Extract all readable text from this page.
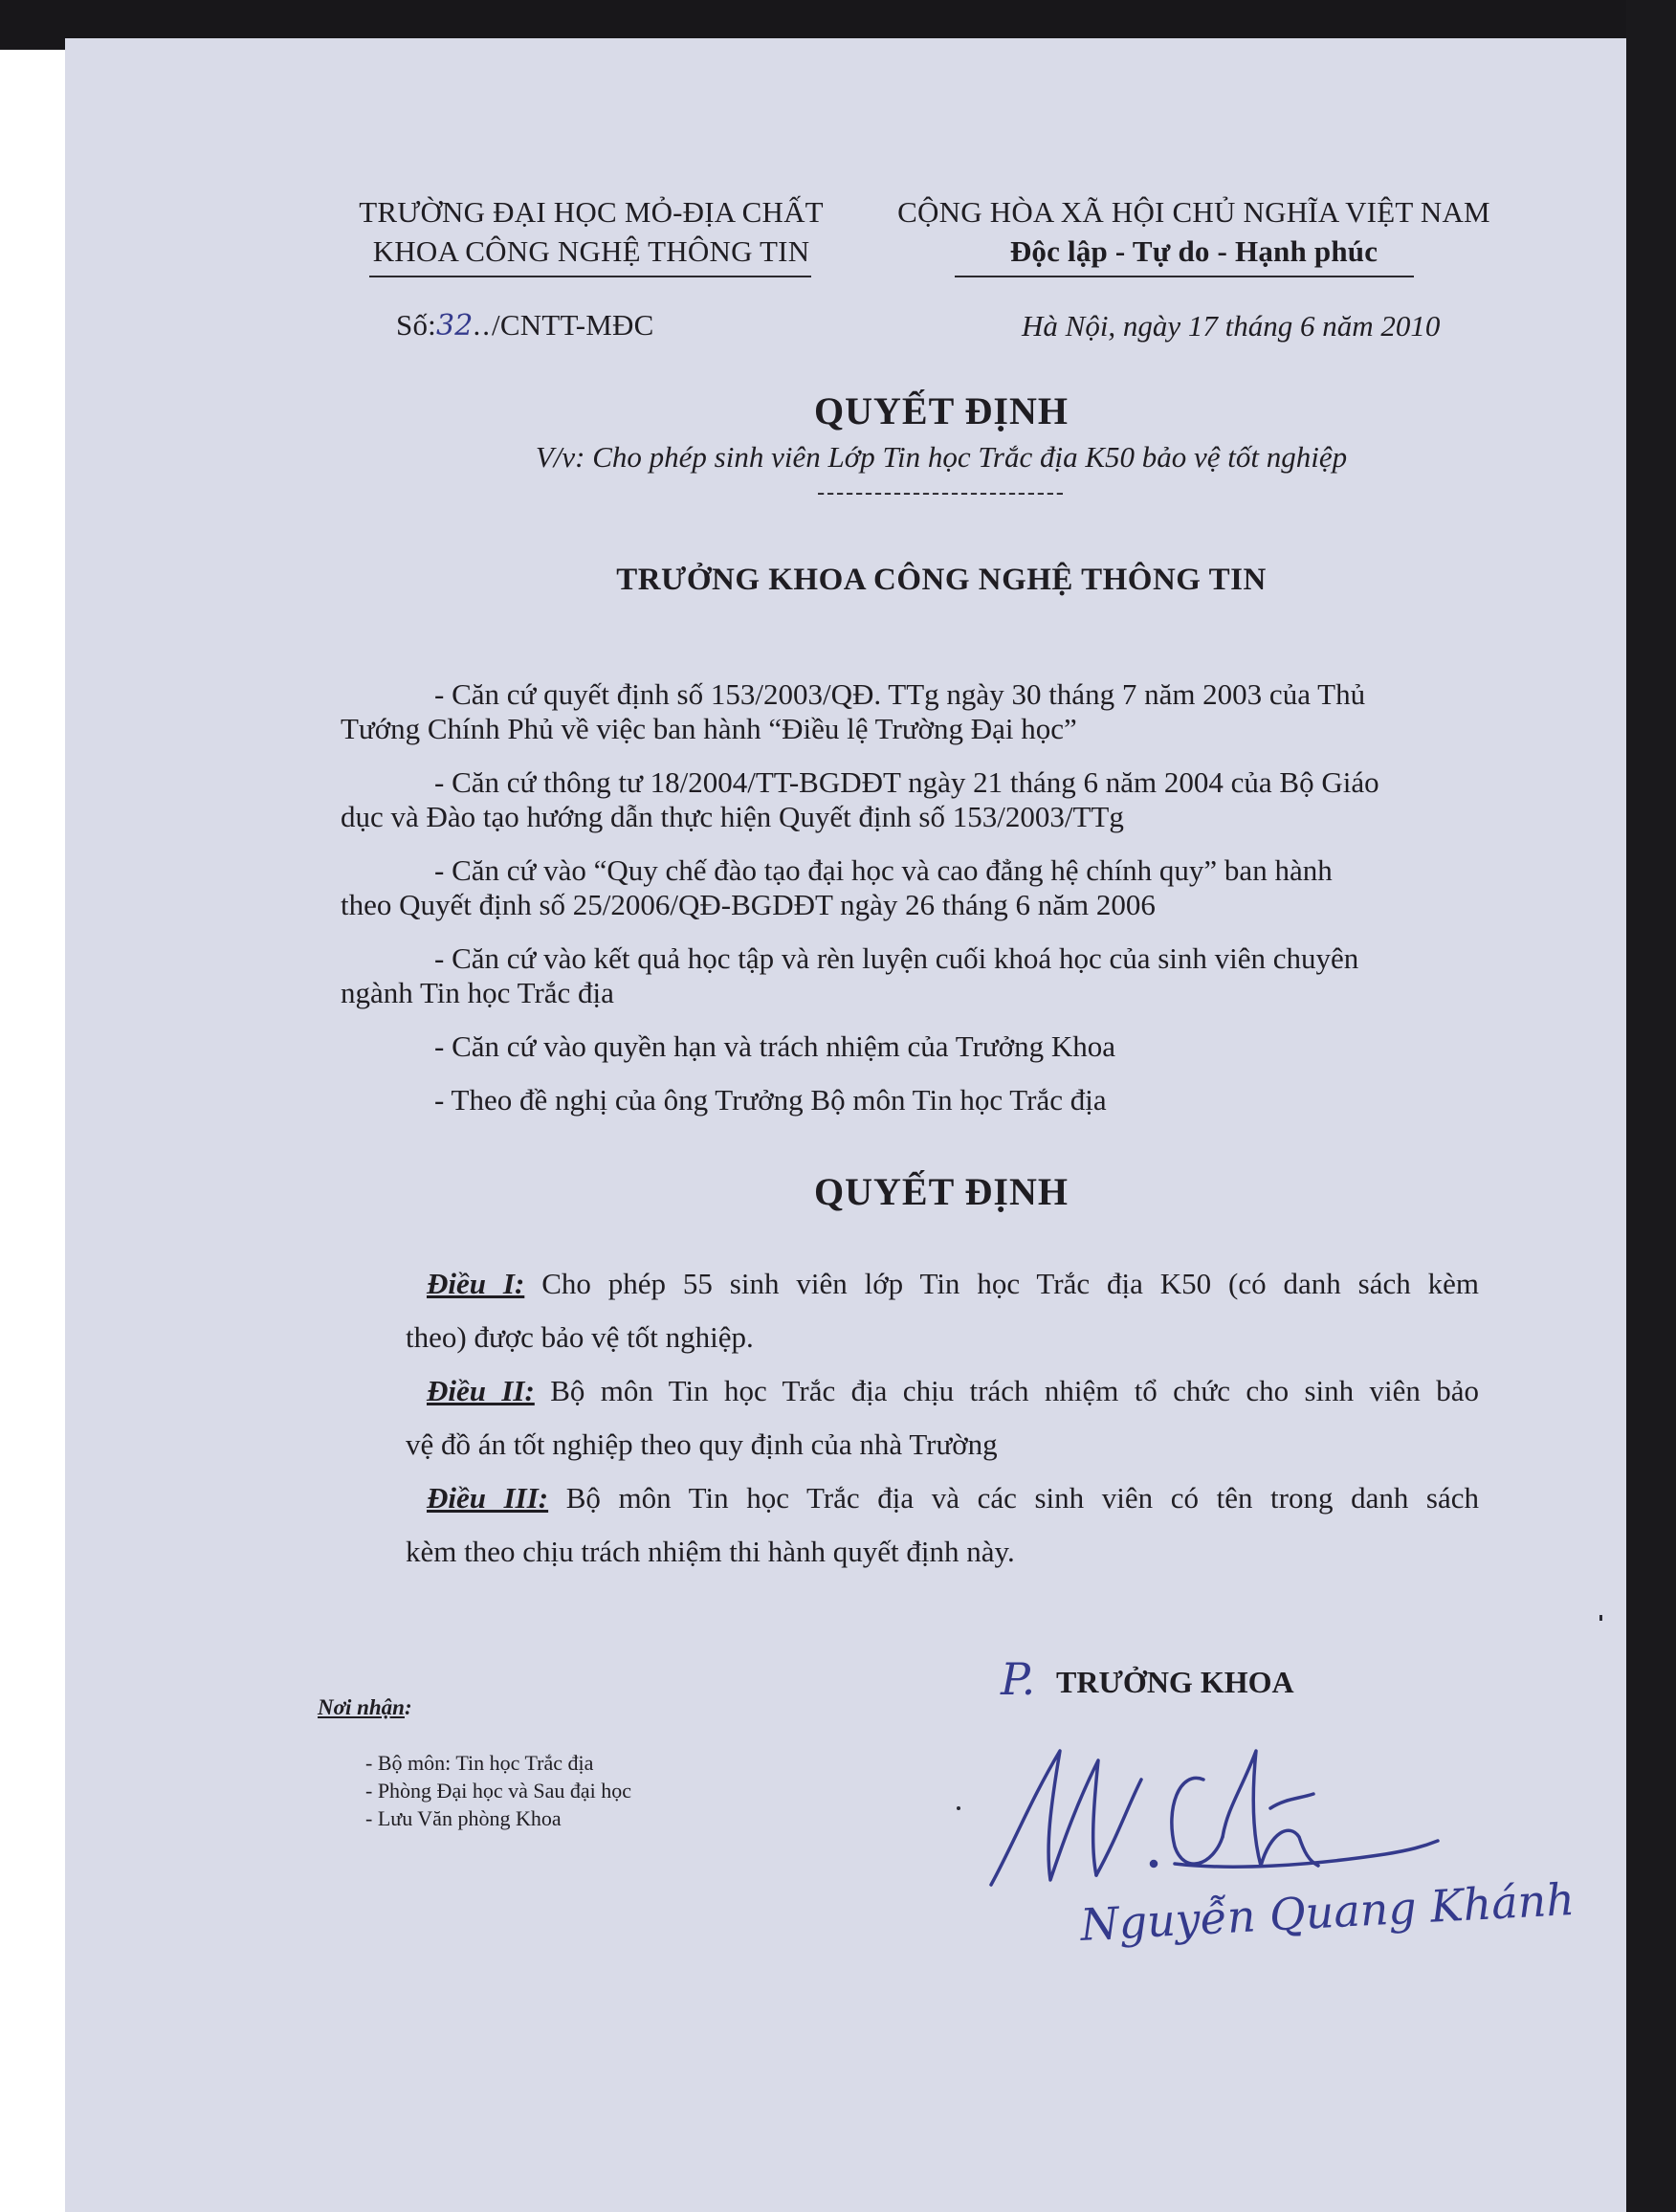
TRƯỜNG ĐẠI HỌC MỎ-ĐỊA CHẤT
KHOA CÔNG NGHỆ THÔNG TIN
CỘNG HÒA XÃ HỘI CHỦ NGHĨA VIỆT NAM
Độc lập - Tự do - Hạnh phúc
Số:32../CNTT-MĐC	Hà Nội, ngày 17 tháng 6 năm 2010
QUYẾT ĐỊNH
V/v: Cho phép sinh viên Lớp Tin học Trắc địa K50 bảo vệ tốt nghiệp
--------------------------
TRƯỞNG KHOA CÔNG NGHỆ THÔNG TIN
- Căn cứ quyết định số 153/2003/QĐ. TTg ngày 30 tháng 7 năm 2003 của Thủ
Tướng Chính Phủ về việc ban hành “Điều lệ Trường Đại học”
- Căn cứ thông tư 18/2004/TT-BGDĐT ngày 21 tháng 6 năm 2004 của Bộ Giáo
dục và Đào tạo hướng dẫn thực hiện Quyết định số 153/2003/TTg
- Căn cứ vào “Quy chế đào tạo đại học và cao đẳng hệ chính quy” ban hành
theo Quyết định số 25/2006/QĐ-BGDĐT ngày 26 tháng 6 năm 2006
- Căn cứ vào kết quả học tập và rèn luyện cuối khoá học của sinh viên chuyên
ngành Tin học Trắc địa
- Căn cứ vào quyền hạn và trách nhiệm của Trưởng Khoa
- Theo đề nghị của ông Trưởng Bộ môn Tin học Trắc địa
QUYẾT ĐỊNH
Điều I: Cho phép 55 sinh viên lớp Tin học Trắc địa K50 (có danh sách kèm
theo) được bảo vệ tốt nghiệp.
Điều II: Bộ môn Tin học Trắc địa chịu trách nhiệm tổ chức cho sinh viên bảo
vệ đồ án tốt nghiệp theo quy định của nhà Trường
Điều III: Bộ môn Tin học Trắc địa và các sinh viên có tên trong danh sách
kèm theo chịu trách nhiệm thi hành quyết định này.
Nơi nhận:
- Bộ môn: Tin học Trắc địa
- Phòng Đại học và Sau đại học
- Lưu Văn phòng Khoa
P. TRƯỞNG KHOA
Nguyễn Quang Khánh
